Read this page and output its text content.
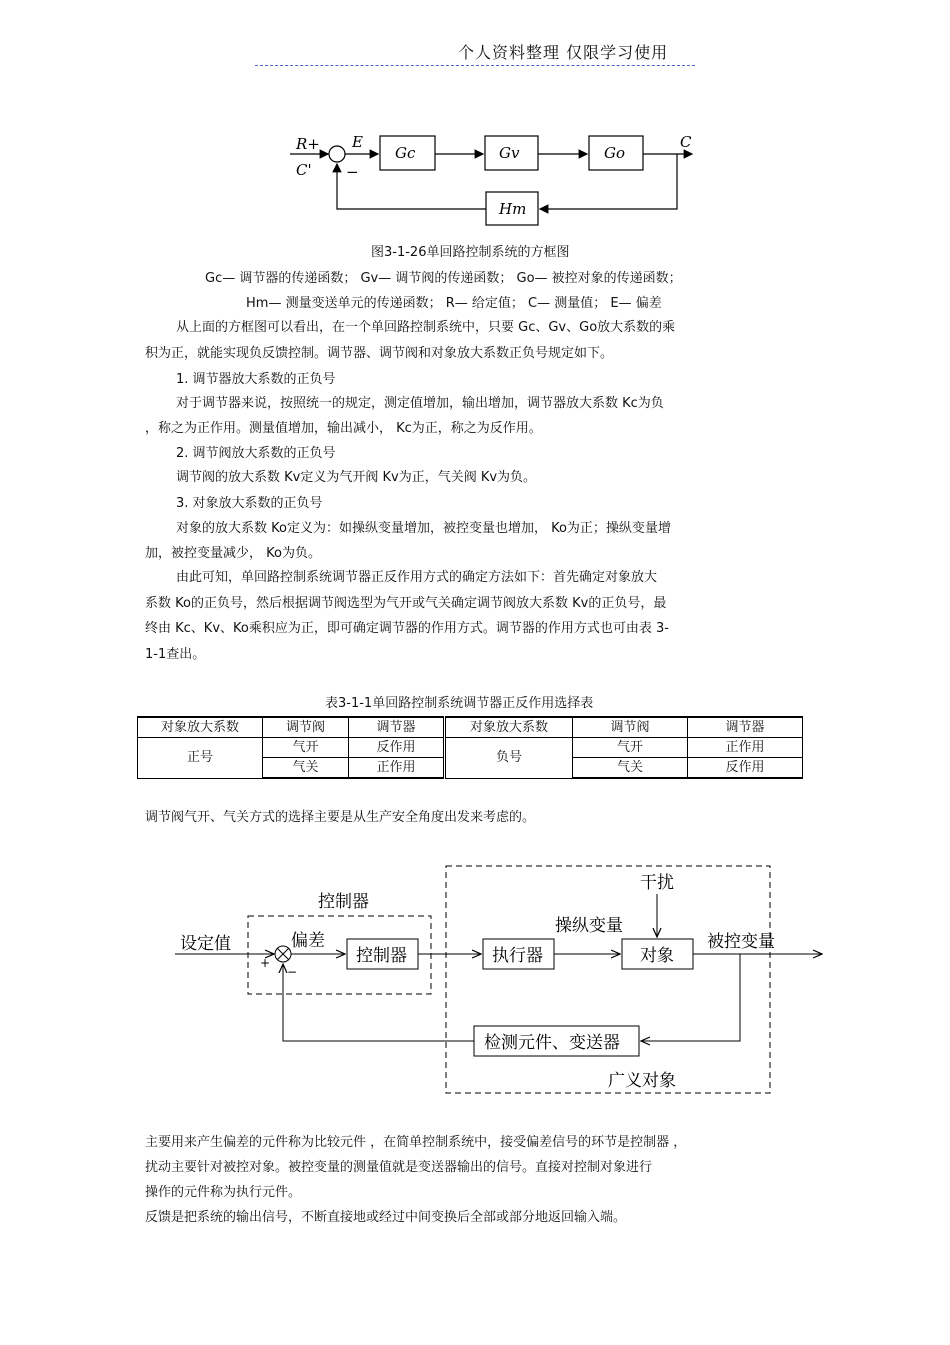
个人资料整理 仅限学习使用
R+
C' −
E
Gc	Gv	Go
C
Hm
图3-1-26单回路控制系统的方框图
Gc— 调节器的传递函数； Gv— 调节阀的传递函数； Go— 被控对象的传递函数；
Hm— 测量变送单元的传递函数； R— 给定值； C— 测量值； E— 偏差
从上面的方框图可以看出，在一个单回路控制系统中，只要 Gc、Gv、Go放大系数的乘
积为正，就能实现负反馈控制。调节器、调节阀和对象放大系数正负号规定如下。
1. 调节器放大系数的正负号
对于调节器来说，按照统一的规定，测定值增加，输出增加，调节器放大系数 Kc为负
，称之为正作用。测量值增加，输出减小， Kc为正，称之为反作用。
2. 调节阀放大系数的正负号
调节阀的放大系数 Kv定义为气开阀 Kv为正，气关阀 Kv为负。
3. 对象放大系数的正负号
对象的放大系数 Ko定义为：如操纵变量增加，被控变量也增加， Ko为正；操纵变量增
加，被控变量减少， Ko为负。
由此可知，单回路控制系统调节器正反作用方式的确定方法如下：首先确定对象放大
系数 Ko的正负号，然后根据调节阀选型为气开或气关确定调节阀放大系数 Kv的正负号，最
终由 Kc、Kv、Ko乘积应为正，即可确定调节器的作用方式。调节器的作用方式也可由表 3-
1-1查出。
表3-1-1单回路控制系统调节器正反作用选择表
对象放大系数	调节阀	调节器	对象放大系数	调节阀	调节器
正号	气开	反作用	负号	气开	正作用
	气关	正作用		气关	反作用
调节阀气开、气关方式的选择主要是从生产安全角度出发来考虑的。
控制器
广义对象
设定值
+
−
偏差
控制器	执行器
操纵变量
干扰
对象
被控变量
检测元件、变送器
主要用来产生偏差的元件称为比较元件 ，在简单控制系统中，接受偏差信号的环节是控制器 ，
扰动主要针对被控对象。被控变量的测量值就是变送器输出的信号。直接对控制对象进行
操作的元件称为执行元件。
反馈是把系统的输出信号，不断直接地或经过中间变换后全部或部分地返回输入端。
